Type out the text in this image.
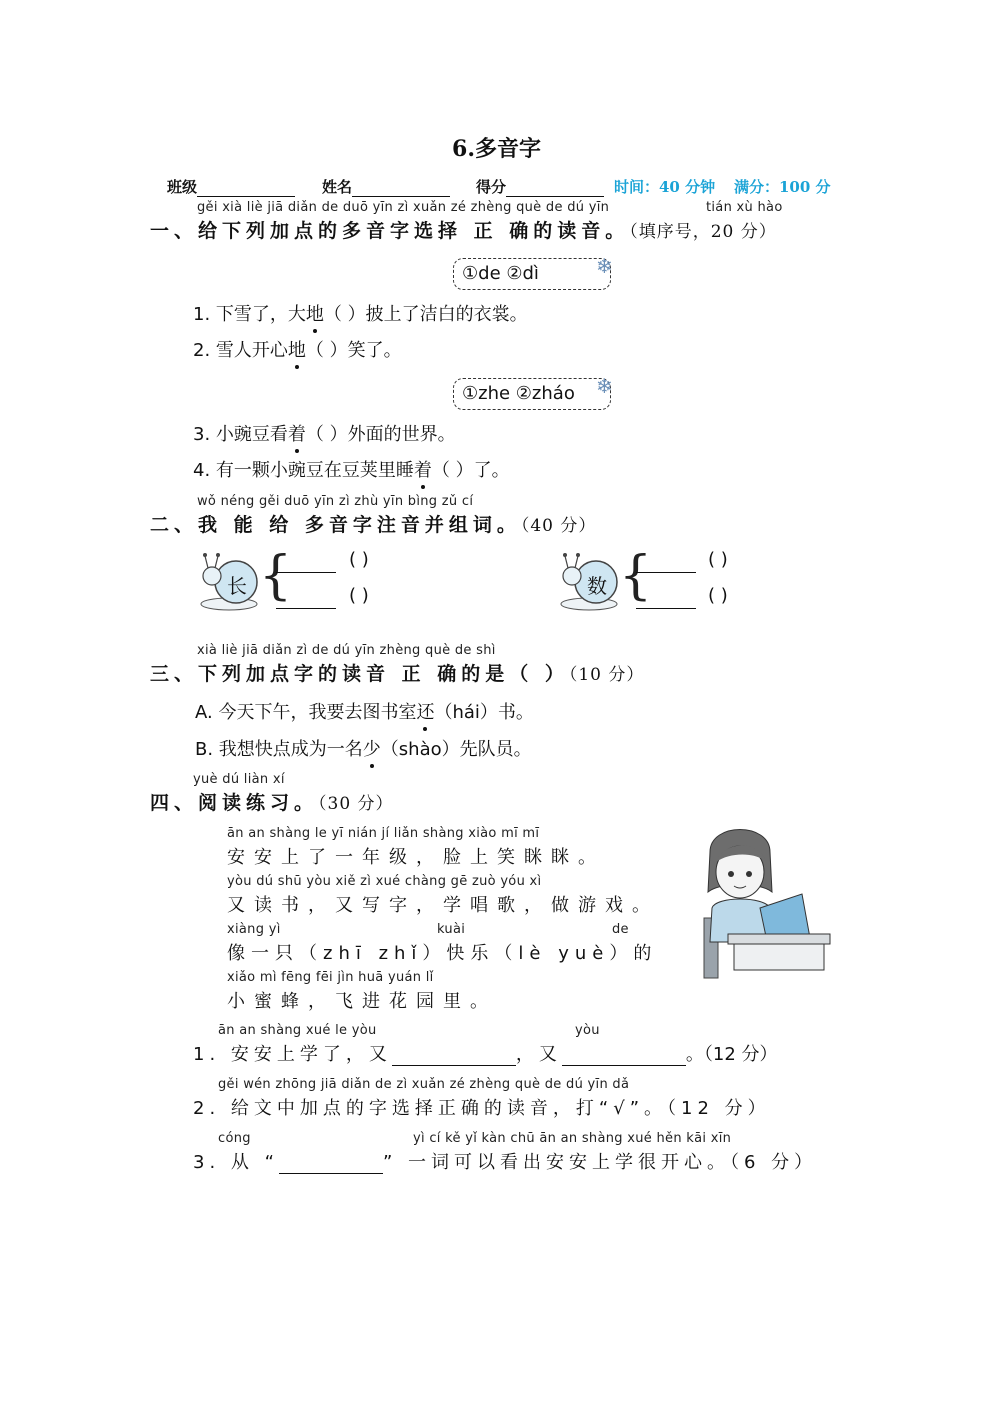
6.多音字
班级	姓名	得分	时间：40 分钟 满分：100 分
gěi xià liè jiā diǎn de duō yīn zì xuǎn zé zhèng què de dú yīn	tián xù hào
一、给下列加点的多音字选择 正 确的读音。（填序号，20 分）
①de ②dì	❄
1. 下雪了，大地（ ）披上了洁白的衣裳。
2. 雪人开心地（ ）笑了。
①zhe ②zháo	❄
3. 小豌豆看着（ ）外面的世界。
4. 有一颗小豌豆在豆荚里睡着（ ）了。
wǒ néng gěi duō yīn zì zhù yīn bìng zǔ cí
二、我 能 给 多音字注音并组词。（40 分）
长 {	( )
( )	数 {	( )
( )
xià liè jiā diǎn zì de dú yīn zhèng què de shì
三、下列加点字的读音 正 确的是（ ）（10 分）
A. 今天下午，我要去图书室还（hái）书。
B. 我想快点成为一名少（shào）先队员。
yuè dú liàn xí
四、阅读练习。（30 分）
ān an shàng le yī nián jí liǎn shàng xiào mī mī
安安上了一年级，脸上笑眯眯。
yòu dú shū yòu xiě zì xué chàng gē zuò yóu xì
又读书，又写字，学唱歌，做游戏。
xiàng yì	kuài	de
像一只（zhī zhǐ）快乐（lè yuè）的
xiǎo mì fēng fēi jìn huā yuán lǐ
小蜜蜂，飞进花园里。
ān an shàng xué le yòu	yòu
1. 安安上学了，又	，又	。（12 分）
gěi wén zhōng jiā diǎn de zì xuǎn zé zhèng què de dú yīn dǎ
2. 给文中加点的字选择正确的读音，打“√”。（12 分）
cóng	yì cí kě yǐ kàn chū ān an shàng xué hěn kāi xīn
3. 从 “	” 一词可以看出安安上学很开心。（6 分）
